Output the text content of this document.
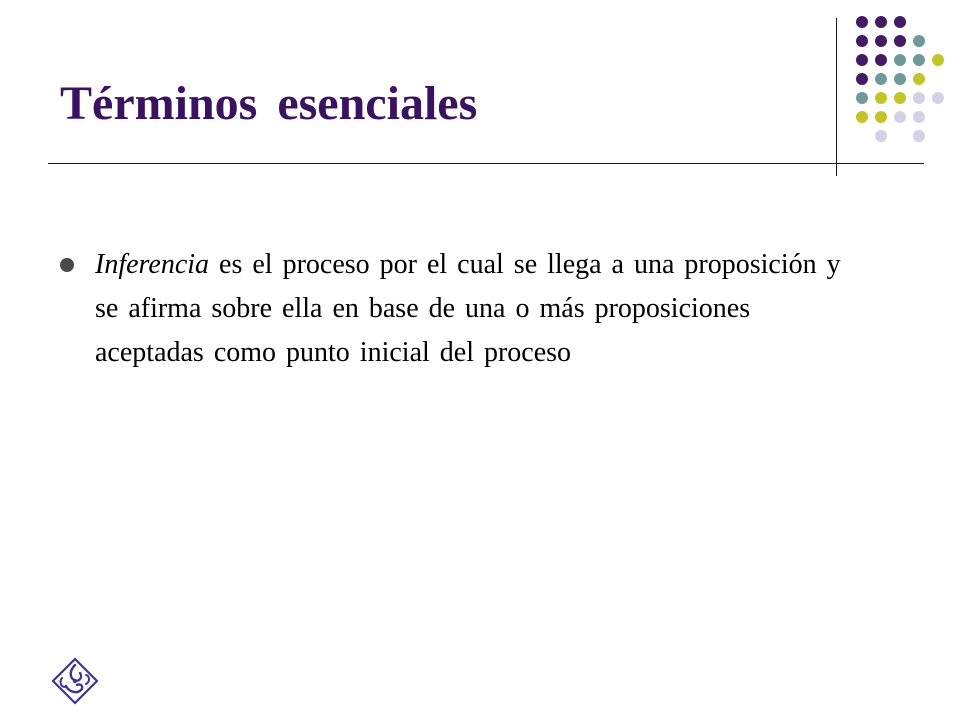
Términos esenciales
Inferencia es el proceso por el cual se llega a una proposición y se afirma sobre ella en base de una o más proposiciones aceptadas como punto inicial del proceso
